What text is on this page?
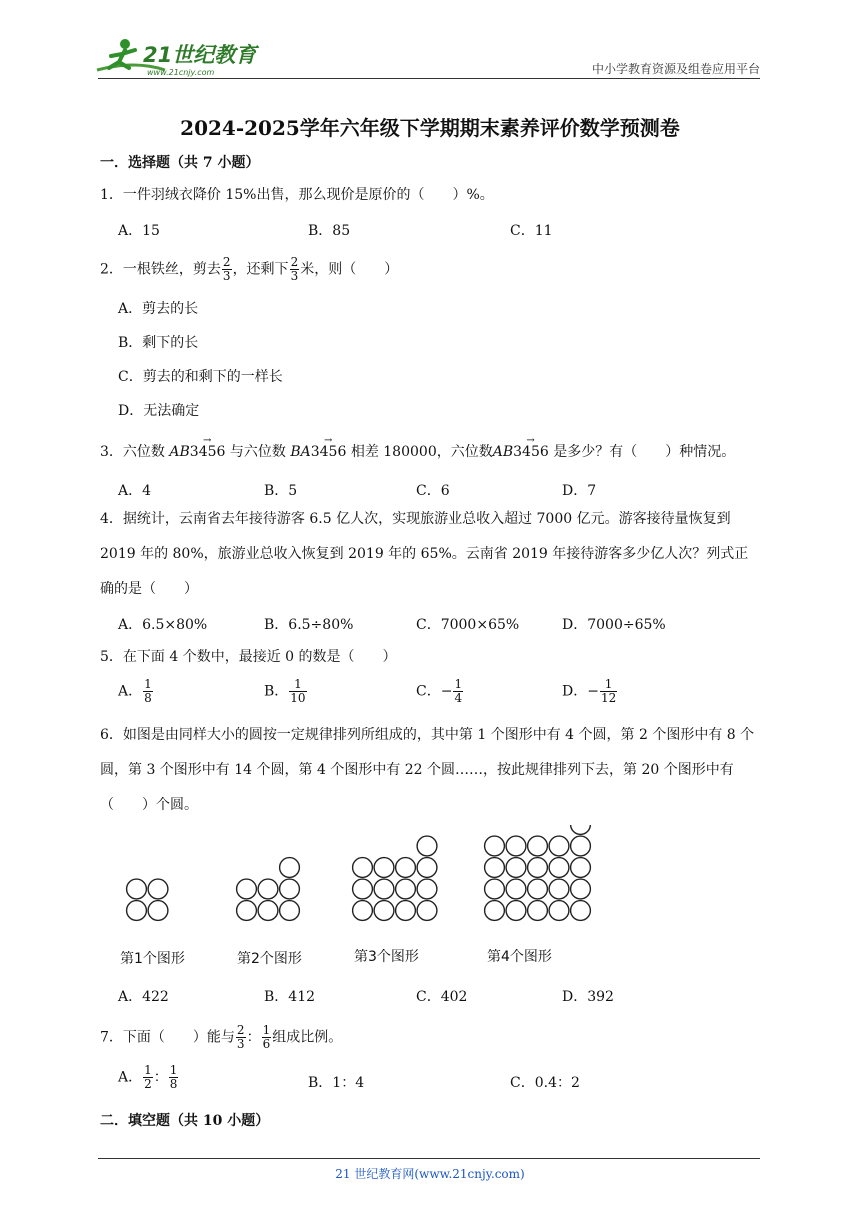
21世纪教育
www.21cnjy.com	中小学教育资源及组卷应用平台
2024-2025学年六年级下学期期末素养评价数学预测卷
一．选择题（共 7 小题）
1．一件羽绒衣降价 15%出售，那么现价是原价的（　　）%。
A．15	B．85	C．11
2．一根铁丝，剪去 $\frac{2}{3}$ ，还剩下 $\frac{2}{3}$ 米，则（　　）
A．剪去的长
B．剩下的长
C．剪去的和剩下的一样长
D．无法确定
3．六位数 → AB3456 与六位数 → BA3456 相差 180000，六位数→ AB3456 是多少？有（　　）种情况。
A．4	B．5	C．6	D．7
4．据统计，云南省去年接待游客 6.5 亿人次，实现旅游业总收入超过 7000 亿元。游客接待量恢复到 2019 年的 80%，旅游业总收入恢复到 2019 年的 65%。云南省 2019 年接待游客多少亿人次？列式正确的是（　　）
A．6.5×80%	B．6.5÷80%	C．7000×65%	D．7000÷65%
5．在下面 4 个数中，最接近 0 的数是（　　）
A． $\frac{1}{8}$	B． $\frac{1}{10}$	C．− $\frac{1}{4}$	D．− $\frac{1}{12}$
6．如图是由同样大小的圆按一定规律排列所组成的，其中第 1 个图形中有 4 个圆，第 2 个图形中有 8 个圆，第 3 个图形中有 14 个圆，第 4 个图形中有 22 个圆……，按此规律排列下去，第 20 个图形中有（　　）个圆。
第1个图形	第2个图形	第3个图形	第4个图形
A．422	B．412	C．402	D．392
7．下面（　　）能与 $\frac{2}{3}$ ： $\frac{1}{6}$ 组成比例。
A． $\frac{1}{2}$ ： $\frac{1}{8}$	B．1：4	C．0.4：2
二．填空题（共 10 小题）
21 世纪教育网(www.21cnjy.com)
